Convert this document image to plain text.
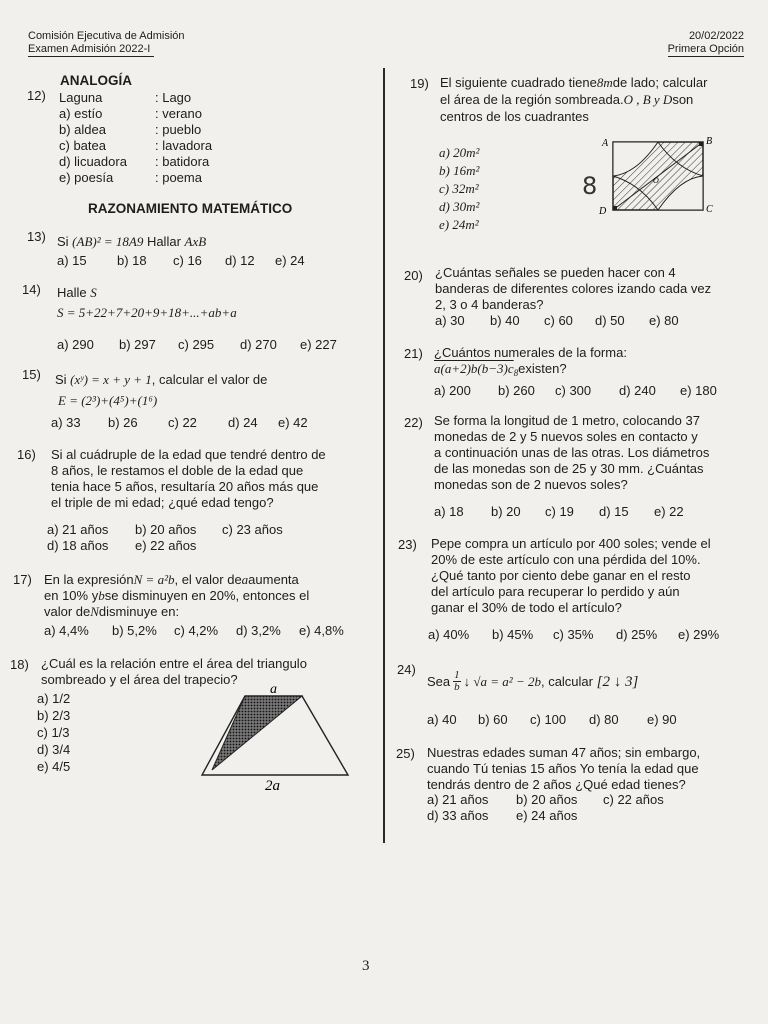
Comisión Ejecutiva de Admisión
Examen Admisión 2022-I
20/02/2022
Primera Opción
ANALOGÍA
12) Laguna	: Lago
a) estío	: verano
b) aldea	: pueblo
c) batea	: lavadora
d) licuadora : batidora
e) poesía	: poema
RAZONAMIENTO MATEMÁTICO
13) Si (AB)² = 18A9 Hallar AxB
a) 15 b) 18 c) 16 d) 12 e) 24
14) Halle S
S = 5+22+7+20+9+18+...+ab+a
a) 290 b) 297 c) 295 d) 270 e) 227
15) Si (xʸ) = x + y + 1, calcular el valor de
E = (2³)+(4⁵)+(1⁶)
a) 33 b) 26 c) 22 d) 24 e) 42
16) Si al cuádruple de la edad que tendré dentro de
8 años, le restamos el doble de la edad que
tenia hace 5 años, resultaría 20 años más que
el triple de mi edad; ¿qué edad tengo?
a) 21 años b) 20 años c) 23 años
d) 18 años e) 22 años
17) En la expresiónN = a²b, el valor deaaumenta
en 10% ybse disminuyen en 20%, entonces el
valor deNdisminuye en:
a) 4,4% b) 5,2% c) 4,2% d) 3,2% e) 4,8%
18) ¿Cuál es la relación entre el área del triangulo
sombreado y el área del trapecio?
a) 1/2
b) 2/3
c) 1/3
d) 3/4
e) 4/5
a
2a
19) El siguiente cuadrado tiene8mde lado; calcular
el área de la región sombreada.O , B y Dson
centros de los cuadrantes
a) 20m²
b) 16m²
c) 32m²
d) 30m²
e) 24m²
8
A	B
C
D
O
20) ¿Cuántas señales se pueden hacer con 4
banderas de diferentes colores izando cada vez
2, 3 o 4 banderas?
a) 30 b) 40 c) 60 d) 50 e) 80
21) ¿Cuántos numerales de la forma:
a(a+2)b(b−3)c8existen?
a) 200 b) 260 c) 300 d) 240 e) 180
22) Se forma la longitud de 1 metro, colocando 37
monedas de 2 y 5 nuevos soles en contacto y
a continuación unas de las otras. Los diámetros
de las monedas son de 25 y 30 mm. ¿Cuántas
monedas son de 2 nuevos soles?
a) 18 b) 20 c) 19 d) 15 e) 22
23) Pepe compra un artículo por 400 soles; vende el
20% de este artículo con una pérdida del 10%.
¿Qué tanto por ciento debe ganar en el resto
del artículo para recuperar lo perdido y aún
ganar el 30% de todo el artículo?
a) 40% b) 45% c) 35% d) 25% e) 29%
24)
Sea 1
b ↓ √a = a² − 2b , calcular
[2 ↓ 3]
a) 40 b) 60 c) 100 d) 80 e) 90
25) Nuestras edades suman 47 años; sin embargo,
cuando Tú tenias 15 años Yo tenía la edad que
tendrás dentro de 2 años ¿Qué edad tienes?
a) 21 años b) 20 años c) 22 años
d) 33 años e) 24 años
3
